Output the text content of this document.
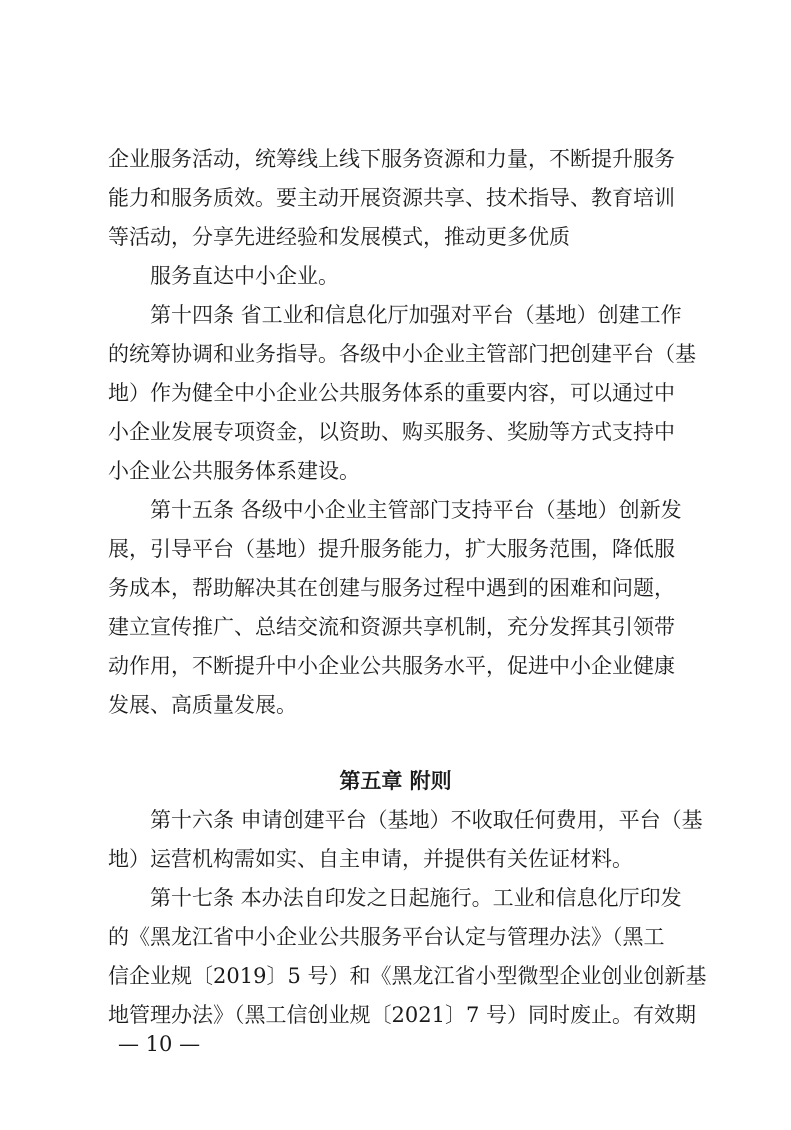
企业服务活动，统筹线上线下服务资源和力量，不断提升服务
能力和服务质效。要主动开展资源共享、技术指导、教育培训
等活动，分享先进经验和发展模式，推动更多优质
　　服务直达中小企业。
　　第十四条 省工业和信息化厅加强对平台（基地）创建工作
的统筹协调和业务指导。各级中小企业主管部门把创建平台（基
地）作为健全中小企业公共服务体系的重要内容，可以通过中
小企业发展专项资金，以资助、购买服务、奖励等方式支持中
小企业公共服务体系建设。
　　第十五条 各级中小企业主管部门支持平台（基地）创新发
展，引导平台（基地）提升服务能力，扩大服务范围，降低服
务成本，帮助解决其在创建与服务过程中遇到的困难和问题，
建立宣传推广、总结交流和资源共享机制，充分发挥其引领带
动作用，不断提升中小企业公共服务水平，促进中小企业健康
发展、高质量发展。
第五章 附则
　　第十六条 申请创建平台（基地）不收取任何费用，平台（基
地）运营机构需如实、自主申请，并提供有关佐证材料。
　　第十七条 本办法自印发之日起施行。工业和信息化厅印发
的《黑龙江省中小企业公共服务平台认定与管理办法》（黑工
信企业规〔2019〕5 号）和《黑龙江省小型微型企业创业创新基
地管理办法》（黑工信创业规〔2021〕7 号）同时废止。有效期
— 10 —
